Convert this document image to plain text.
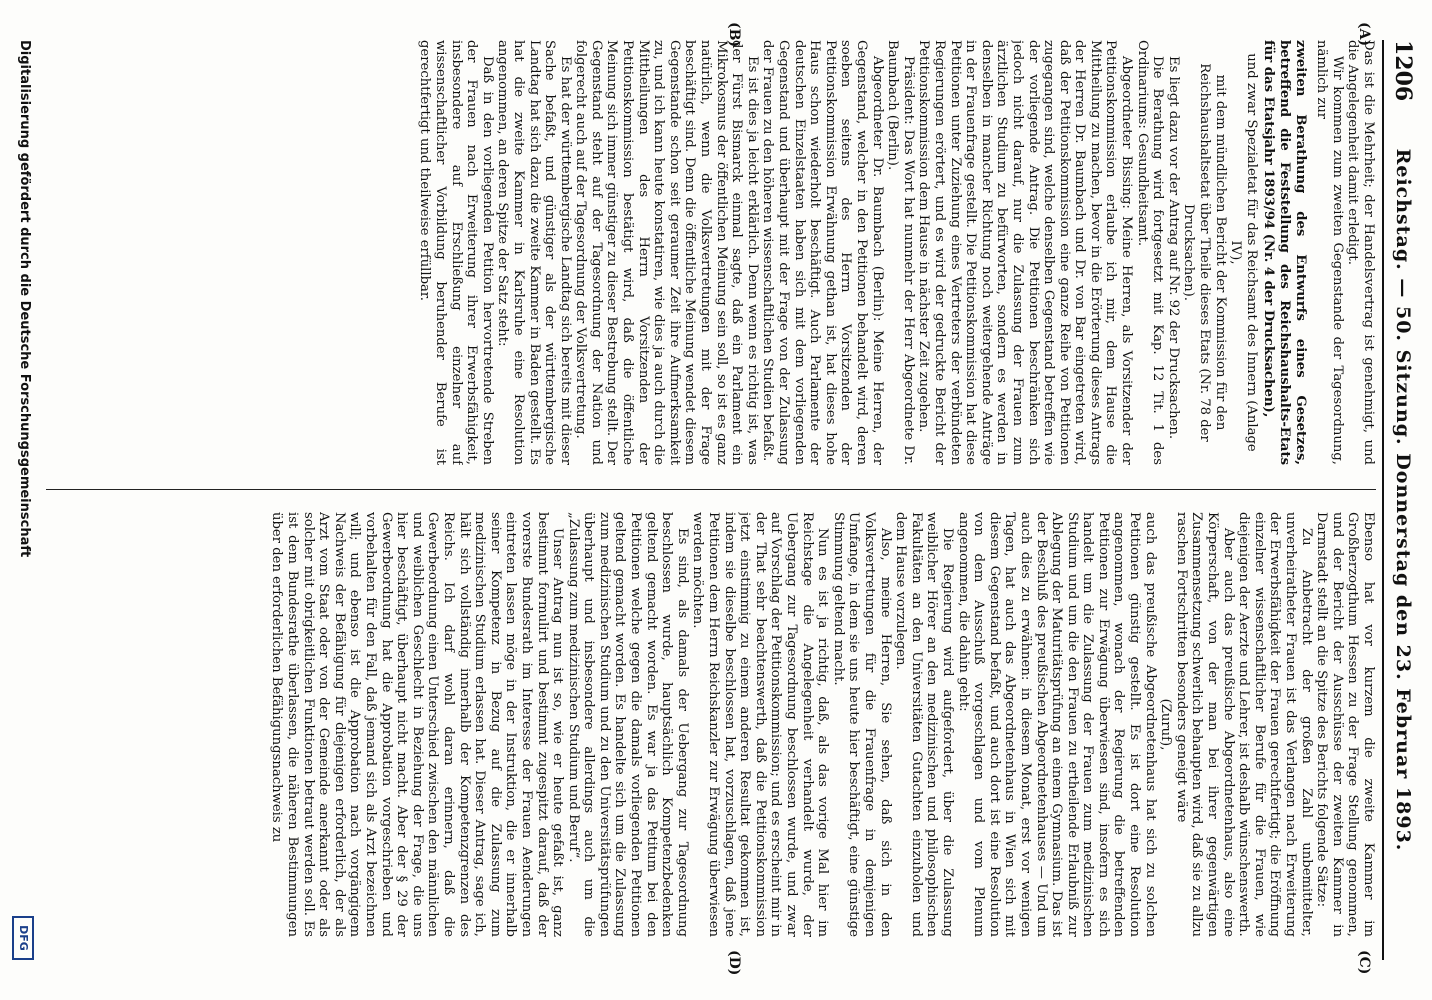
1206
Reichstag. — 50. Sitzung. Donnerstag den 23. Februar 1893.
(A)
(B)
(C)
(D)

Das ist die Mehrheit; der Handelsvertrag ist genehmigt, und die Angelegenheit damit erledigt.

Wir kommen zum zweiten Gegenstande der Tagesordnung, nämlich zur

zweiten Berathung des Entwurfs eines Gesetzes, betreffend die Feststellung des Reichshaushalts-Etats für das Etatsjahr 1893/94 (Nr. 4 der Drucksachen),

und zwar Spezialetat für das Reichsamt des Innern (Anlage IV),

mit dem mündlichen Bericht der Kommission für den Reichshaushaltsetat über Theile dieses Etats (Nr. 78 der Drucksachen).

Es liegt dazu vor der Antrag auf Nr. 92 der Drucksachen.

Die Berathung wird fortgesetzt mit Kap. 12 Tit. 1 des Ordinariums: Gesundheitsamt.

Abgeordneter Bissing: Meine Herren, als Vorsitzender der Petitionskommission erlaube ich mir, dem Hause die Mittheilung zu machen, bevor in die Erörterung dieses Antrags der Herren Dr. Baumbach und Dr. von Bar eingetreten wird, daß der Petitionskommission eine ganze Reihe von Petitionen zugegangen sind, welche denselben Gegenstand betreffen wie der vorliegende Antrag. Die Petitionen beschränken sich jedoch nicht darauf, nur die Zulassung der Frauen zum ärztlichen Studium zu befürworten, sondern es werden in denselben in mancher Richtung noch weitergehende Anträge in der Frauenfrage gestellt. Die Petitionskommission hat diese Petitionen unter Zuziehung eines Vertreters der verbündeten Regierungen erörtert, und es wird der gedruckte Bericht der Petitionskommission dem Hause in nächster Zeit zugehen.

Präsident: Das Wort hat nunmehr der Herr Abgeordnete Dr. Baumbach (Berlin).

Abgeordneter Dr. Baumbach (Berlin): Meine Herren, der Gegenstand, welcher in den Petitionen behandelt wird, deren soeben seitens des Herrn Vorsitzenden der Petitionskommission Erwähnung gethan ist, hat dieses hohe Haus schon wiederholt beschäftigt. Auch Parlamente der deutschen Einzelstaaten haben sich mit dem vorliegenden Gegenstand und überhaupt mit der Frage von der Zulassung der Frauen zu den höheren wissenschaftlichen Studien befaßt.

Es ist dies ja leicht erklärlich. Denn wenn es richtig ist, was der Fürst Bismarck einmal sagte, daß ein Parlament ein Mikrokosmus der öffentlichen Meinung sein soll, so ist es ganz natürlich, wenn die Volksvertretungen mit der Frage beschäftigt sind. Denn die öffentliche Meinung wendet diesem Gegenstande schon seit geraumer Zeit ihre Aufmerksamkeit zu, und ich kann heute konstatiren, wie dies ja auch durch die Mittheilungen des Herrn Vorsitzenden der Petitionskommission bestätigt wird, daß die öffentliche Meinung sich immer günstiger zu dieser Bestrebung stellt. Der Gegenstand steht auf der Tagesordnung der Nation und folgerecht auch auf der Tagesordnung der Volksvertretung.

Es hat der württembergische Landtag sich bereits mit dieser Sache befaßt, und günstiger als der württembergische Landtag hat sich dazu die zweite Kammer in Baden gestellt. Es hat die zweite Kammer in Karlsruhe eine Resolution angenommen, an deren Spitze der Satz steht:

Daß in den vorliegenden Petition hervortretende Streben der Frauen nach Erweiterung ihrer Erwerbsfähigkeit, insbesondere auf Erschließung einzelner auf wissenschaftlicher Vorbildung beruhender Berufe ist gerechtfertigt und theilweise erfüllbar.

Ebenso hat vor kurzem die zweite Kammer im Großherzogthum Hessen zu der Frage Stellung genommen, und der Bericht der Ausschüsse der zweiten Kammer in Darmstadt stellt an die Spitze des Berichts folgende Sätze:

Zu Anbetracht der großen Zahl unbemittelter, unverheiratheter Frauen ist das Verlangen nach Erweiterung der Erwerbsfähigkeit der Frauen gerechtfertigt; die Eröffnung einzelner wissenschaftlicher Berufe für die Frauen, wie diejenigen der Aerzte und Lehrer, ist deshalb wünschenswerth.

Aber auch das preußische Abgeordnetenhaus, also eine Körperschaft, von der man bei ihrer gegenwärtigen Zusammensetzung schwerlich behaupten wird, daß sie zu allzu raschen Fortschritten besonders geneigt wäre

(Zuruf),

auch das preußische Abgeordnetenhaus hat sich zu solchen Petitionen günstig gestellt. Es ist dort eine Resolution angenommen, wonach der Regierung die betreffenden Petitionen zur Erwägung überwiesen sind, insofern es sich handelt um die Zulassung der Frauen zum medizinischen Studium und um die den Frauen zu ertheilende Erlaubniß zur Ablegung der Maturitätsprüfung an einem Gymnasium. Das ist der Beschluß des preußischen Abgeordnetenhauses — Und um auch dies zu erwähnen: in diesem Monat, erst vor wenigen Tagen, hat auch das Abgeordnetenhaus in Wien sich mit diesem Gegenstand befaßt, und auch dort ist eine Resolution von dem Ausschuß vorgeschlagen und vom Plenum angenommen, die dahin geht:

Die Regierung wird aufgefordert, über die Zulassung weiblicher Hörer an den medizinischen und philosophischen Fakultäten an den Universitäten Gutachten einzuholen und dem Hause vorzulegen.

Also, meine Herren, Sie sehen, daß sich in den Volksvertretungen für die Frauenfrage in demjenigen Umfange, in dem sie uns heute hier beschäftigt, eine günstige Stimmung geltend macht.

Nun es ist ja richtig, daß, als das vorige Mal hier im Reichstage die Angelegenheit verhandelt wurde, der Uebergang zur Tagesordnung beschlossen wurde, und zwar auf Vorschlag der Petitionskommission; und es erscheint mir in der That sehr beachtenswerth, daß die Petitionskommission jetzt einstimmig zu einem anderen Resultat gekommen ist, indem sie dieselbe beschlossen hat, vorzuschlagen, daß jene Petitionen dem Herrn Reichskanzler zur Erwägung überwiesen werden möchten.

Es sind, als damals der Uebergang zur Tagesordnung beschlossen wurde, hauptsächlich Kompetenzbedenken geltend gemacht worden. Es war ja das Petitum bei den Petitionen welche gegen die damals vorliegenden Petitionen geltend gemacht worden. Es handelte sich um die Zulassung zum medizinischen Studium und zu den Universitätsprüfungen überhaupt und insbesondere allerdings auch um die „Zulassung zum medizinischen Studium und Beruf“.

Unser Antrag nun ist so, wie er heute gefaßt ist, ganz bestimmt formulirt und bestimmt zugespitzt darauf, daß der vorerste Bundesrath im Interesse der Frauen Aenderungen eintreten lassen möge in der Instruktion, die er innerhalb seiner Kompetenz in Bezug auf die Zulassung zum medizinischen Studium erlassen hat. Dieser Antrag, sage ich, hält sich vollständig innerhalb der Kompetenzgrenzen des Reichs. Ich darf wohl daran erinnern, daß die Gewerbeordnung einen Unterschied zwischen den männlichen und weiblichen Geschlecht in Beziehung der Frage, die uns hier beschäftigt, überhaupt nicht macht. Aber der § 29 der Gewerbeordnung hat die Approbation vorgeschrieben und vorbehalten für den Fall, daß jemand sich als Arzt bezeichnen will; und ebenso ist die Approbation nach vorgängigem Nachweis der Befähigung für diejenigen erforderlich, der als Arzt vom Staat oder von der Gemeinde anerkannt oder als solcher mit obrigkeitlichen Funktionen betraut werden soll. Es ist dem Bundesrathe überlassen, die näheren Bestimmungen über den erforderlichen Befähigungsnachweis zu

Digitalisierung gefördert durch die Deutsche Forschungsgemeinschaft
DFG
